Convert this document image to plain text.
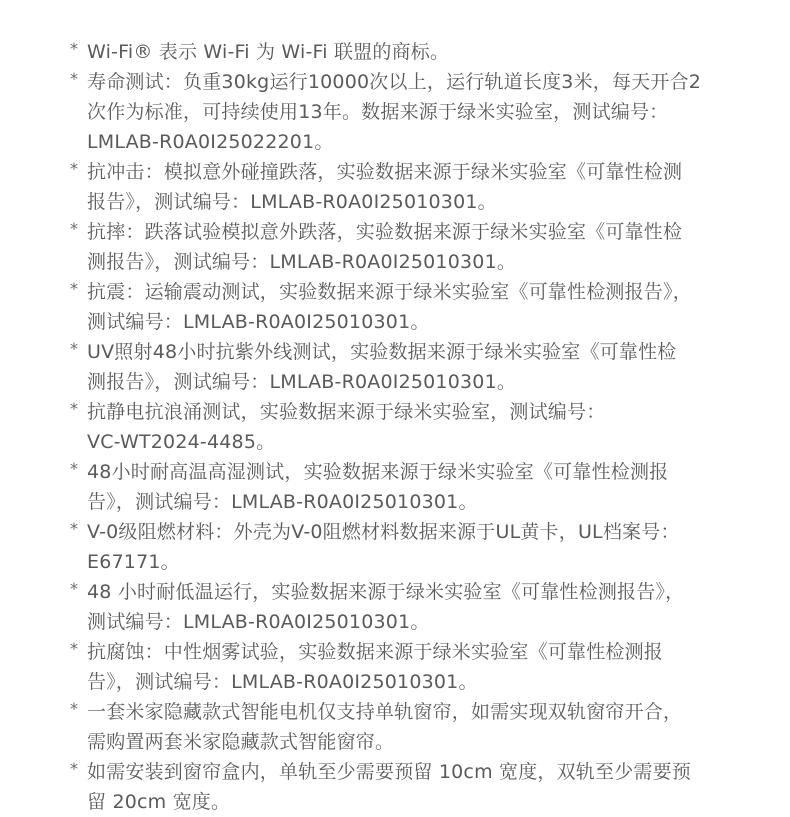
* Wi-Fi® 表示 Wi-Fi 为 Wi-Fi 联盟的商标。
* 寿命测试：负重30kg运行10000次以上，运行轨道长度3米，每天开合2
次作为标准，可持续使用13年。数据来源于绿米实验室，测试编号：
LMLAB-R0A0I25022201。
* 抗冲击：模拟意外碰撞跌落，实验数据来源于绿米实验室《可靠性检测
报告》，测试编号：LMLAB-R0A0I25010301。
* 抗摔：跌落试验模拟意外跌落，实验数据来源于绿米实验室《可靠性检
测报告》，测试编号：LMLAB-R0A0I25010301。
* 抗震：运输震动测试，实验数据来源于绿米实验室《可靠性检测报告》，
测试编号：LMLAB-R0A0I25010301。
* UV照射48小时抗紫外线测试，实验数据来源于绿米实验室《可靠性检
测报告》，测试编号：LMLAB-R0A0I25010301。
* 抗静电抗浪涌测试，实验数据来源于绿米实验室，测试编号：
VC-WT2024-4485。
* 48小时耐高温高湿测试，实验数据来源于绿米实验室《可靠性检测报
告》，测试编号：LMLAB-R0A0I25010301。
* V-0级阻燃材料：外壳为V-0阻燃材料数据来源于UL黄卡，UL档案号：
E67171。
* 48 小时耐低温运行，实验数据来源于绿米实验室《可靠性检测报告》，
测试编号：LMLAB-R0A0I25010301。
* 抗腐蚀：中性烟雾试验，实验数据来源于绿米实验室《可靠性检测报
告》，测试编号：LMLAB-R0A0I25010301。
* 一套米家隐藏款式智能电机仅支持单轨窗帘，如需实现双轨窗帘开合，
需购置两套米家隐藏款式智能窗帘。
* 如需安装到窗帘盒内，单轨至少需要预留 10cm 宽度，双轨至少需要预
留 20cm 宽度。
